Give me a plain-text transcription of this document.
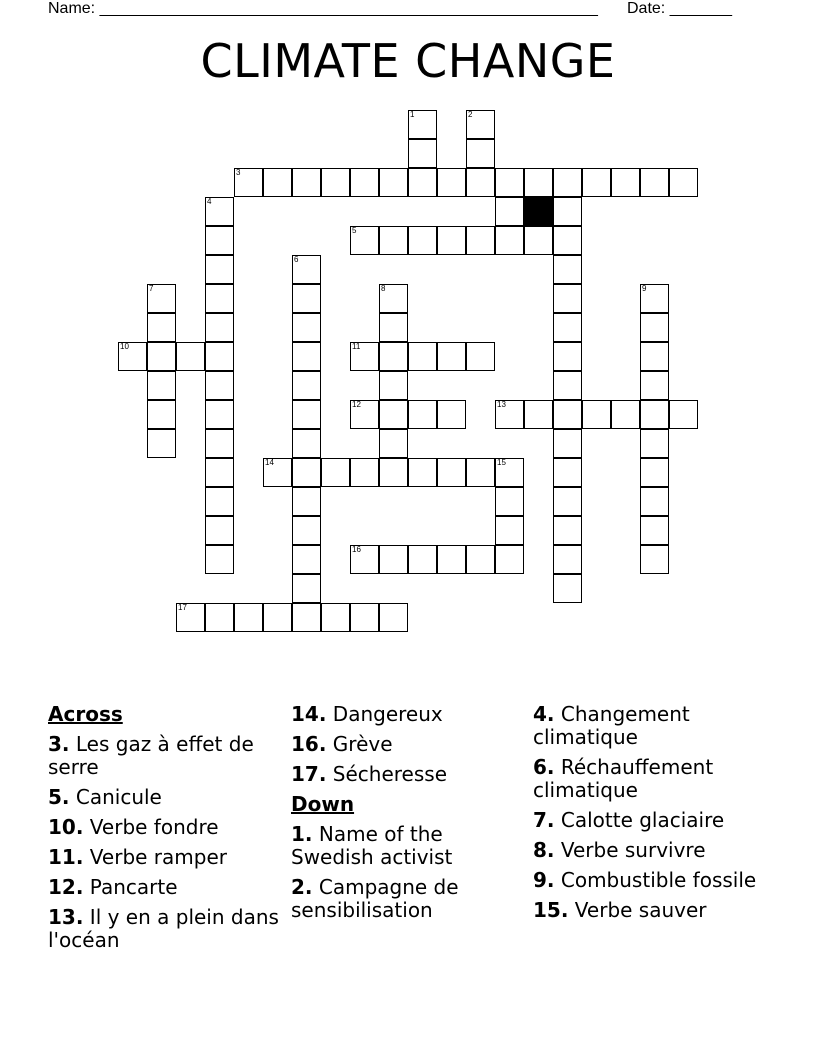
Name: ________________________________________________________ Date: _______
CLIMATE CHANGE
1	2
3
4
5
6
7	8	9
10	11
12	13
14	15
16
17
Across
3. Les gaz à effet de serre
5. Canicule
10. Verbe fondre
11. Verbe ramper
12. Pancarte
13. Il y en a plein dans l'océan
14. Dangereux
16. Grève
17. Sécheresse
Down
1. Name of the Swedish activist
2. Campagne de sensibilisation
4. Changement climatique
6. Réchauffement climatique
7. Calotte glaciaire
8. Verbe survivre
9. Combustible fossile
15. Verbe sauver
